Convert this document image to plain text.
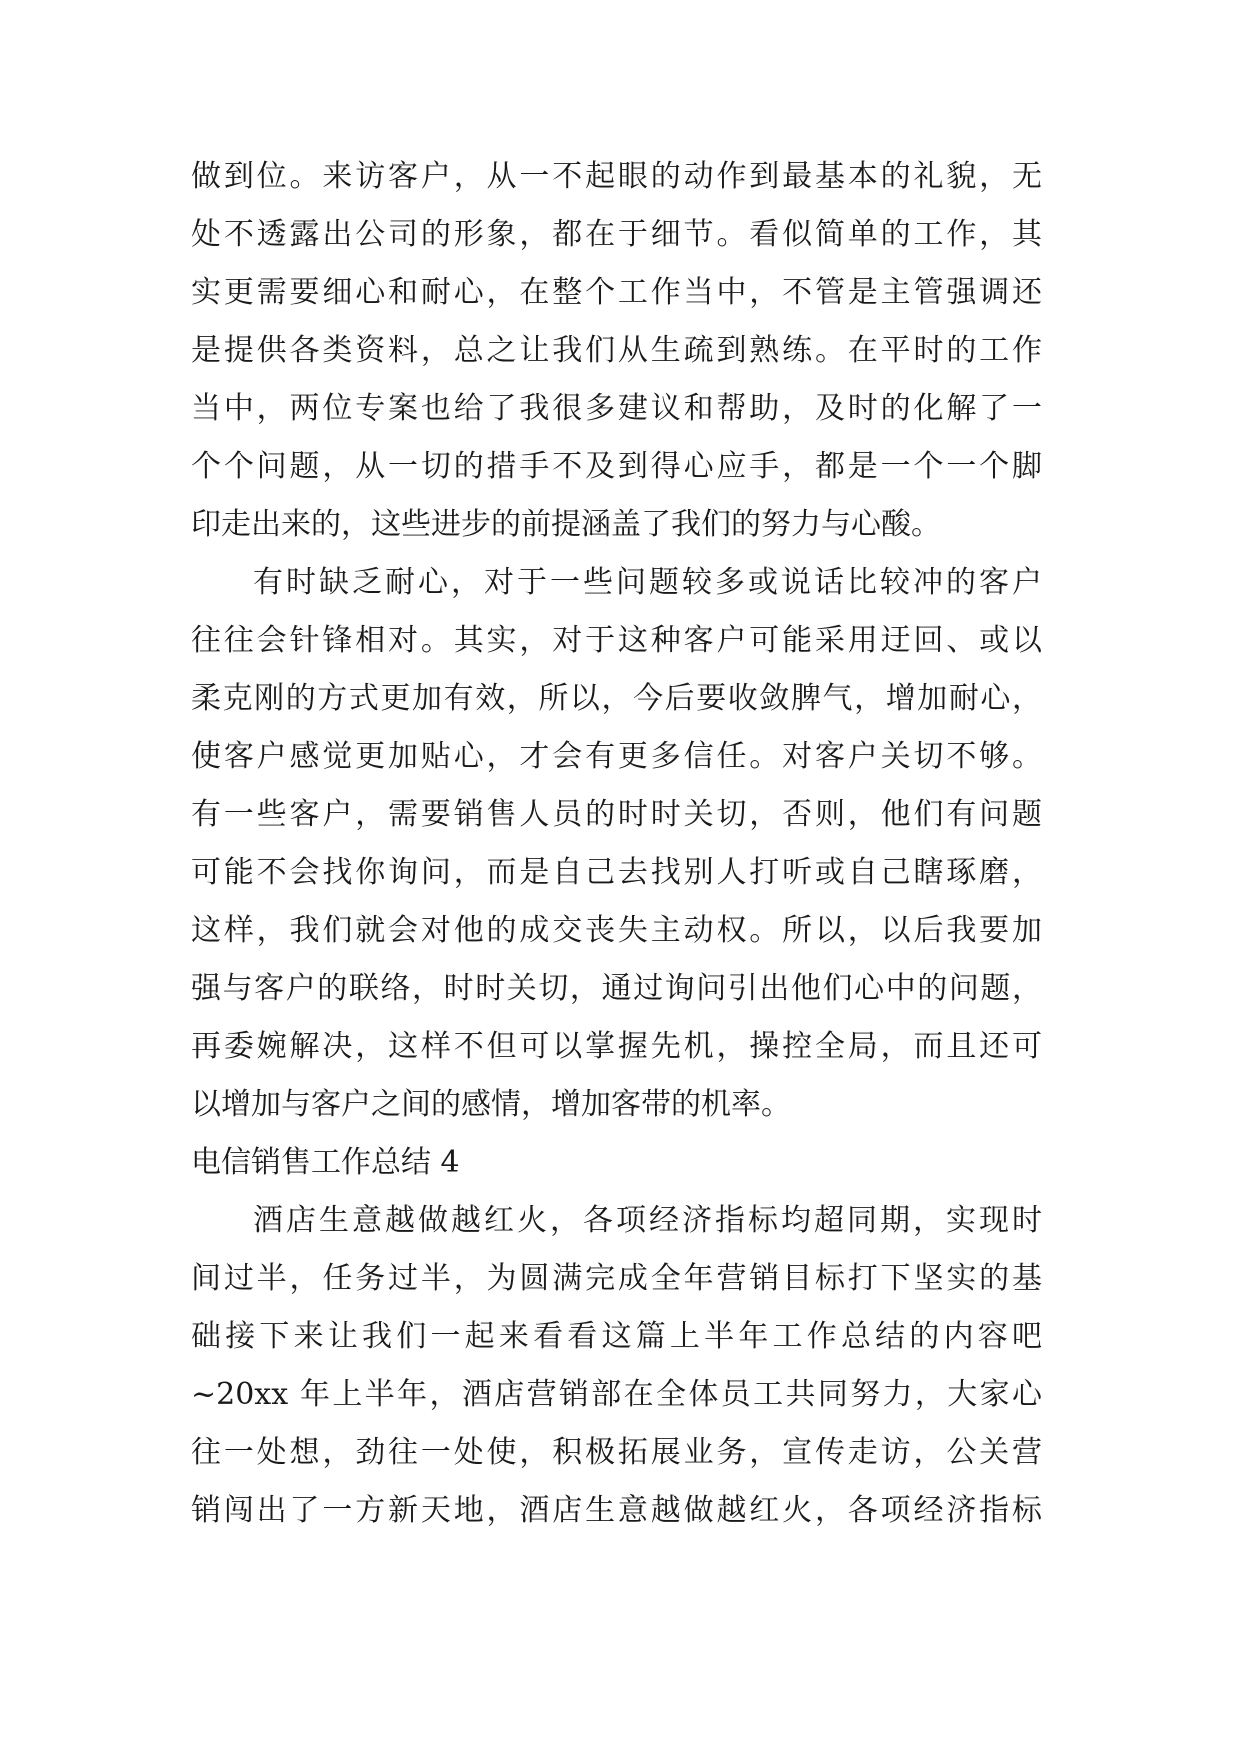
做到位。来访客户，从一不起眼的动作到最基本的礼貌，无
处不透露出公司的形象，都在于细节。看似简单的工作，其
实更需要细心和耐心，在整个工作当中，不管是主管强调还
是提供各类资料，总之让我们从生疏到熟练。在平时的工作
当中，两位专案也给了我很多建议和帮助，及时的化解了一
个个问题，从一切的措手不及到得心应手，都是一个一个脚
印走出来的，这些进步的前提涵盖了我们的努力与心酸。
有时缺乏耐心，对于一些问题较多或说话比较冲的客户
往往会针锋相对。其实，对于这种客户可能采用迂回、或以
柔克刚的方式更加有效，所以，今后要收敛脾气，增加耐心，
使客户感觉更加贴心，才会有更多信任。对客户关切不够。
有一些客户，需要销售人员的时时关切，否则，他们有问题
可能不会找你询问，而是自己去找别人打听或自己瞎琢磨，
这样，我们就会对他的成交丧失主动权。所以，以后我要加
强与客户的联络，时时关切，通过询问引出他们心中的问题，
再委婉解决，这样不但可以掌握先机，操控全局，而且还可
以增加与客户之间的感情，增加客带的机率。
电信销售工作总结 4
酒店生意越做越红火，各项经济指标均超同期，实现时
间过半，任务过半，为圆满完成全年营销目标打下坚实的基
础接下来让我们一起来看看这篇上半年工作总结的内容吧
~20xx 年上半年，酒店营销部在全体员工共同努力，大家心
往一处想，劲往一处使，积极拓展业务，宣传走访，公关营
销闯出了一方新天地，酒店生意越做越红火，各项经济指标
